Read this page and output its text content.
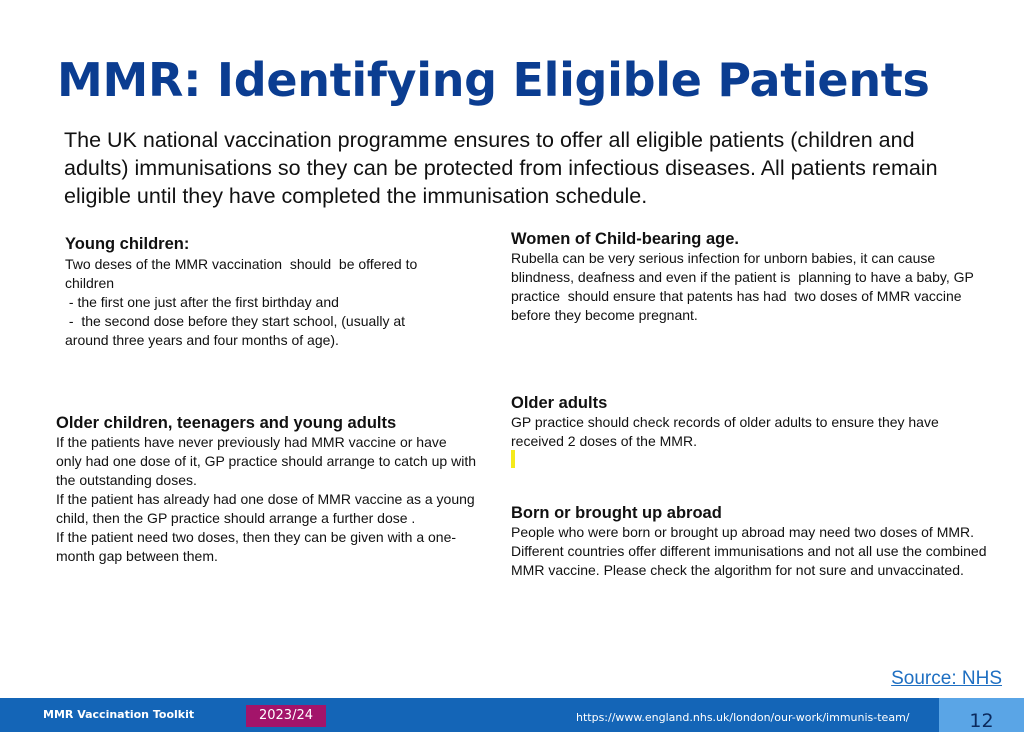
MMR: Identifying Eligible Patients

The UK national vaccination programme ensures to offer all eligible patients (children and adults) immunisations so they can be protected from infectious diseases. All patients remain eligible until they have completed the immunisation schedule.

Young children:
Two deses of the MMR vaccination  should  be offered to children
- the first one just after the first birthday and
-  the second dose before they start school, (usually at around three years and four months of age).
Older children, teenagers and young adults
If the patients have never previously had MMR vaccine or have only had one dose of it, GP practice should arrange to catch up with the outstanding doses.
If the patient has already had one dose of MMR vaccine as a young child, then the GP practice should arrange a further dose .
If the patient need two doses, then they can be given with a one-month gap between them.
Women of Child-bearing age.
Rubella can be very serious infection for unborn babies, it can cause blindness, deafness and even if the patient is  planning to have a baby, GP practice  should ensure that patents has had  two doses of MMR vaccine before they become pregnant.
Older adults
GP practice should check records of older adults to ensure they have received 2 doses of the MMR.
Born or brought up abroad
People who were born or brought up abroad may need two doses of MMR. Different countries offer different immunisations and not all use the combined MMR vaccine. Please check the algorithm for not sure and unvaccinated.
Source: NHS
MMR Vaccination Toolkit	2023/24	https://www.england.nhs.uk/london/our-work/immunis-team/	12
